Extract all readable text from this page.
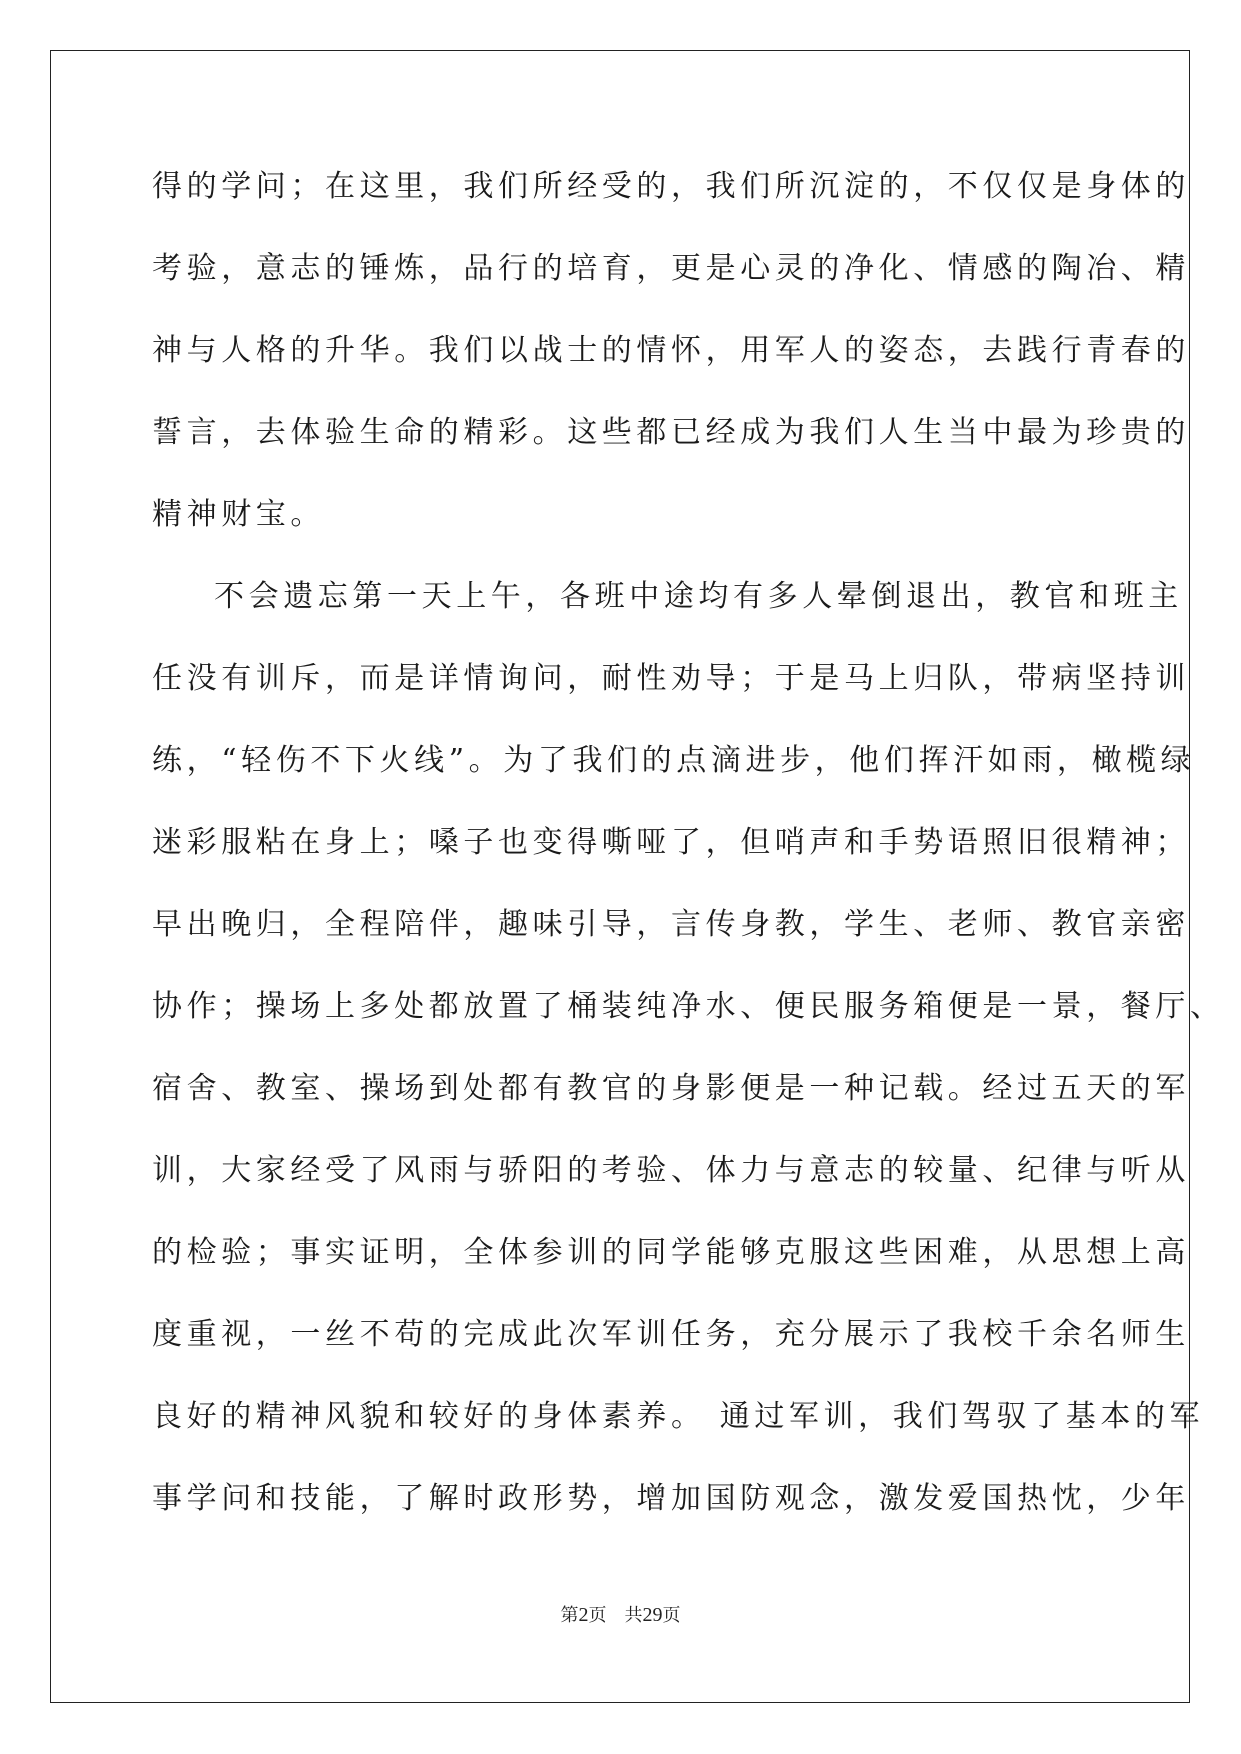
得的学问；在这里，我们所经受的，我们所沉淀的，不仅仅是身体的
考验，意志的锤炼，品行的培育，更是心灵的净化、情感的陶冶、精
神与人格的升华。我们以战士的情怀，用军人的姿态，去践行青春的
誓言，去体验生命的精彩。这些都已经成为我们人生当中最为珍贵的
精神财宝。
不会遗忘第一天上午，各班中途均有多人晕倒退出，教官和班主
任没有训斥，而是详情询问，耐性劝导；于是马上归队，带病坚持训
练，“轻伤不下火线”。为了我们的点滴进步，他们挥汗如雨，橄榄绿
迷彩服粘在身上；嗓子也变得嘶哑了，但哨声和手势语照旧很精神；
早出晚归，全程陪伴，趣味引导，言传身教，学生、老师、教官亲密
协作；操场上多处都放置了桶装纯净水、便民服务箱便是一景，餐厅、
宿舍、教室、操场到处都有教官的身影便是一种记载。经过五天的军
训，大家经受了风雨与骄阳的考验、体力与意志的较量、纪律与听从
的检验；事实证明，全体参训的同学能够克服这些困难，从思想上高
度重视，一丝不苟的完成此次军训任务，充分展示了我校千余名师生
良好的精神风貌和较好的身体素养。 通过军训，我们驾驭了基本的军
事学问和技能，了解时政形势，增加国防观念，激发爱国热忱，少年
第2页 共29页
